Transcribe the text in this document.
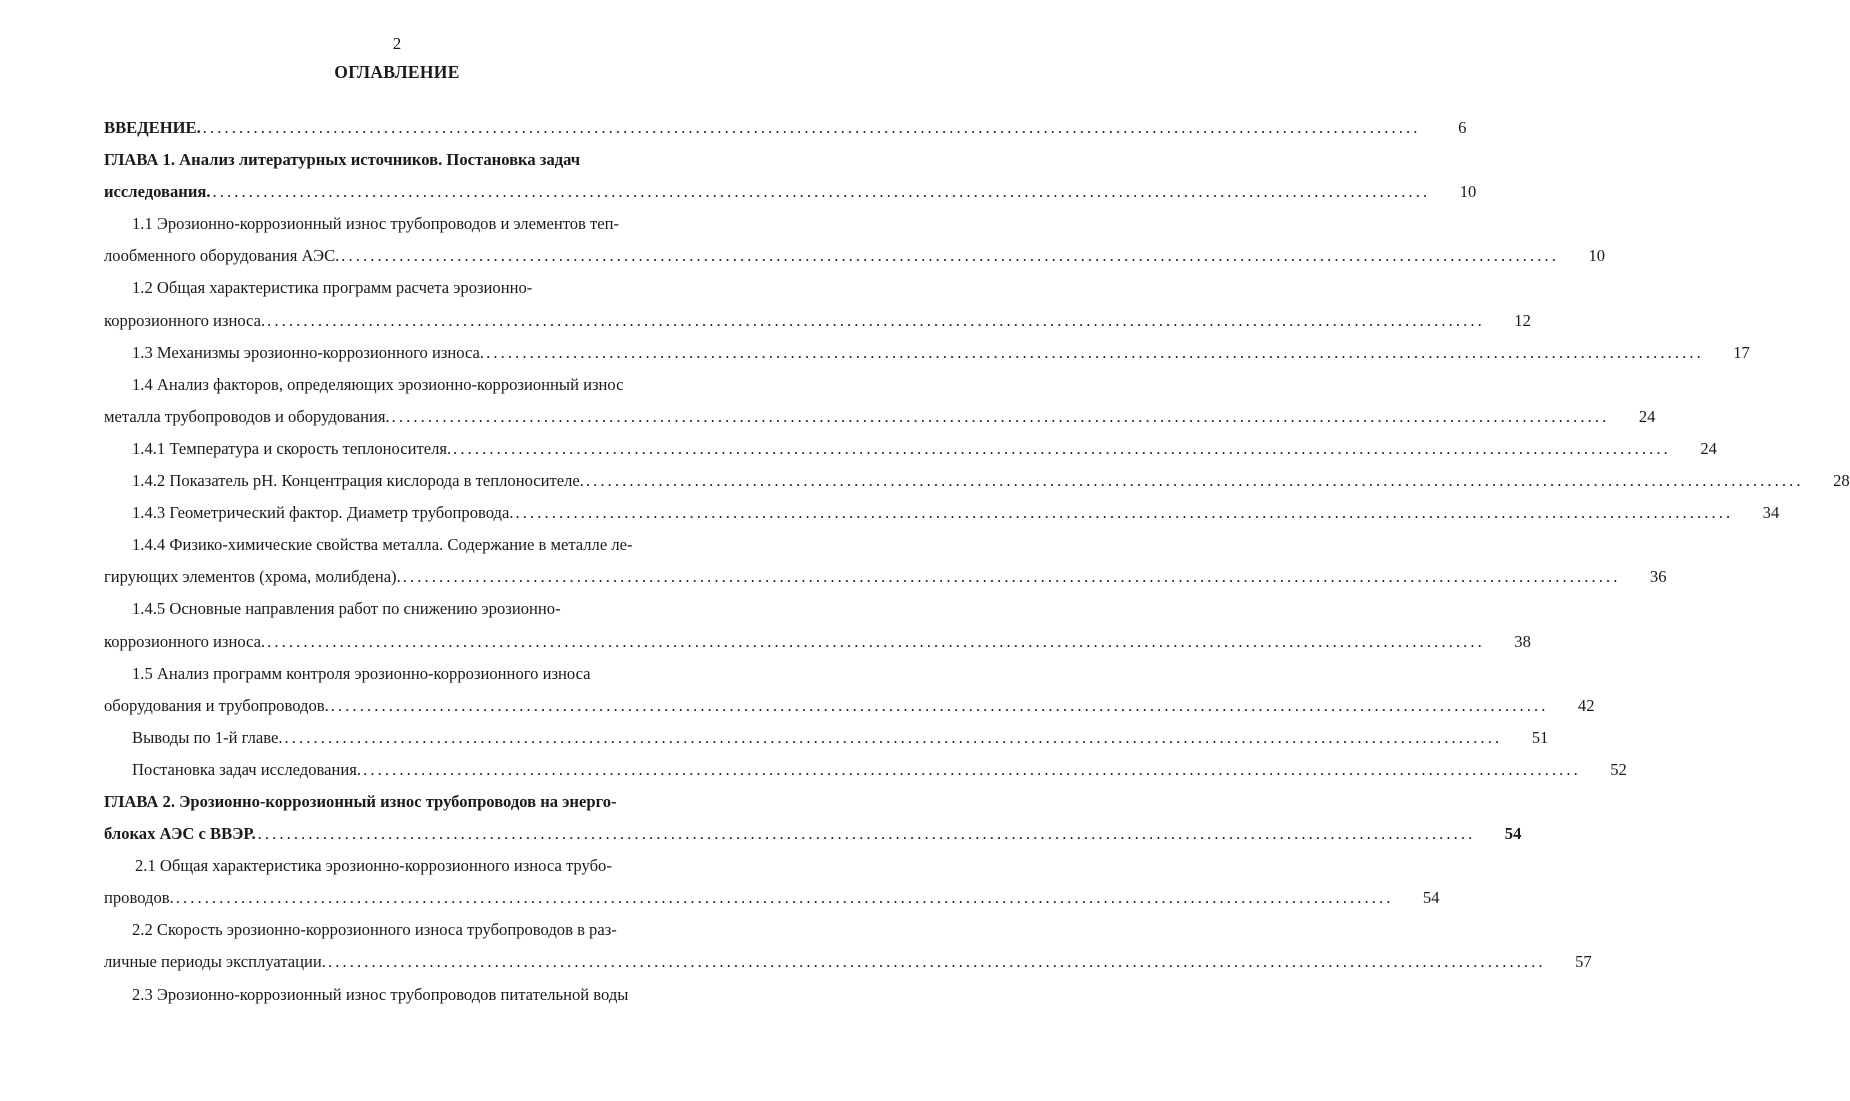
2
ОГЛАВЛЕНИЕ
ВВЕДЕНИЕ. ........................................................................................................................................................................	6
ГЛАВА 1. Анализ литературных источников. Постановка задач
исследования. ........................................................................................................................................................................	10
1.1 Эрозионно-коррозионный износ трубопроводов и элементов теп-
лообменного оборудования АЭС. ........................................................................................................................................................................	10
1.2 Общая характеристика программ расчета эрозионно-
коррозионного износа. ........................................................................................................................................................................	12
1.3 Механизмы эрозионно-коррозионного износа. ........................................................................................................................................................................	17
1.4 Анализ факторов, определяющих эрозионно-коррозионный износ
металла трубопроводов и оборудования. ........................................................................................................................................................................	24
1.4.1 Температура и скорость теплоносителя. ........................................................................................................................................................................	24
1.4.2 Показатель pH. Концентрация кислорода в теплоносителе. ........................................................................................................................................................................	28
1.4.3 Геометрический фактор. Диаметр трубопровода. ........................................................................................................................................................................	34
1.4.4 Физико-химические свойства металла. Содержание в металле ле-
гирующих элементов (хрома, молибдена). ........................................................................................................................................................................	36
1.4.5 Основные направления работ по снижению эрозионно-
коррозионного износа. ........................................................................................................................................................................	38
1.5 Анализ программ контроля эрозионно-коррозионного износа
оборудования и трубопроводов. ........................................................................................................................................................................	42
Выводы по 1-й главе. ........................................................................................................................................................................	51
Постановка задач исследования. ........................................................................................................................................................................	52
ГЛАВА 2. Эрозионно-коррозионный износ трубопроводов на энерго-
блоках АЭС с ВВЭР. ........................................................................................................................................................................	54
2.1 Общая характеристика эрозионно-коррозионного износа трубо-
проводов. ........................................................................................................................................................................	54
2.2 Скорость эрозионно-коррозионного износа трубопроводов в раз-
личные периоды эксплуатации. ........................................................................................................................................................................	57
2.3 Эрозионно-коррозионный износ трубопроводов питательной воды
